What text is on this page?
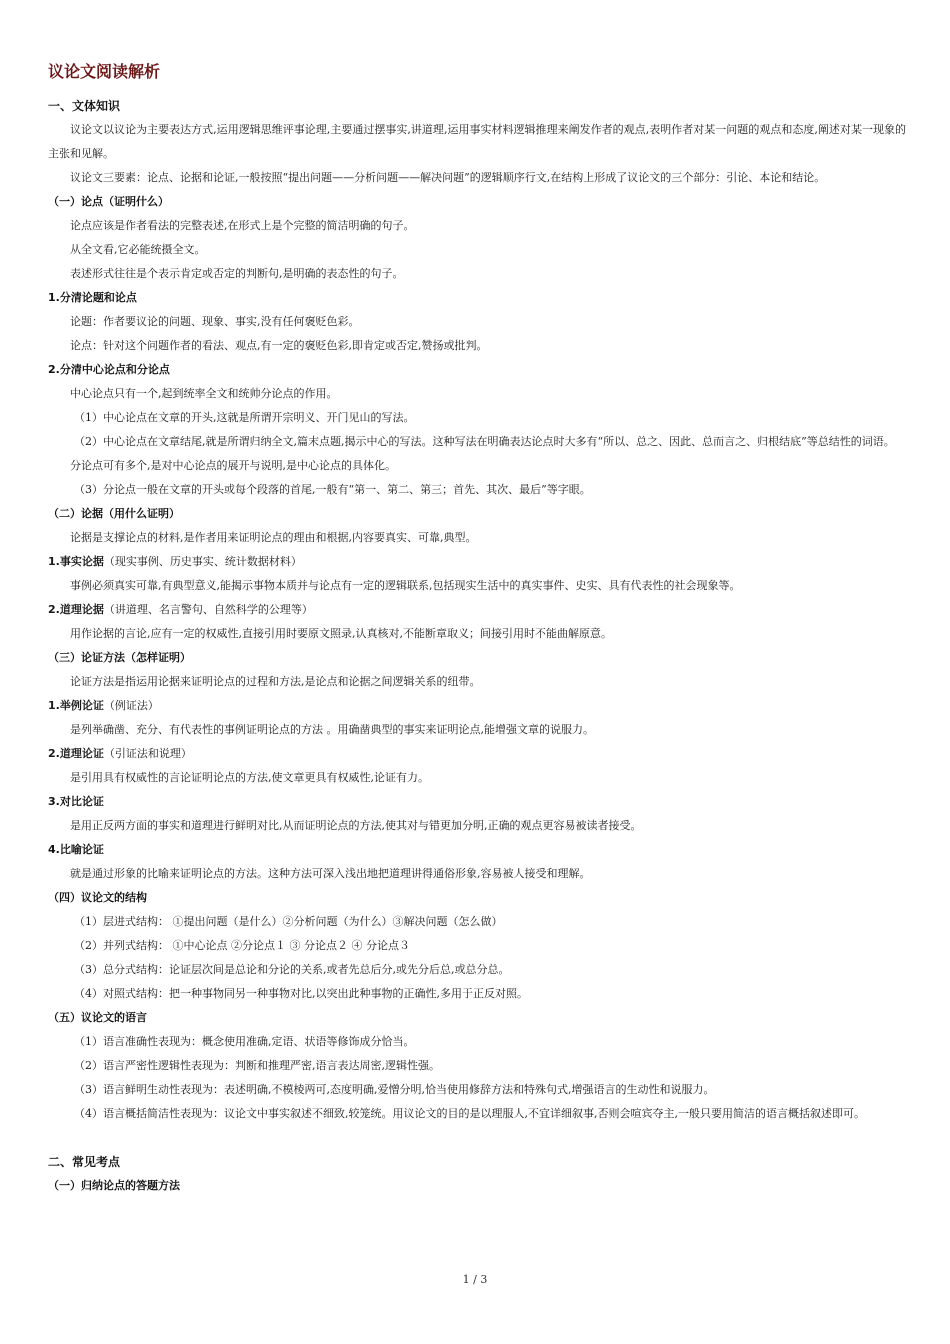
议论文阅读解析
一、文体知识
议论文以议论为主要表达方式,运用逻辑思维评事论理,主要通过摆事实,讲道理,运用事实材料逻辑推理来阐发作者的观点,表明作者对某一问题的观点和态度,阐述对某一现象的主张和见解。
议论文三要素：论点、论据和论证,一般按照“提出问题——分析问题——解决问题”的逻辑顺序行文,在结构上形成了议论文的三个部分：引论、本论和结论。
（一）论点（证明什么）
论点应该是作者看法的完整表述,在形式上是个完整的简洁明确的句子。
从全文看,它必能统摄全文。
表述形式往往是个表示肯定或否定的判断句,是明确的表态性的句子。
1.分清论题和论点
论题：作者要议论的问题、现象、事实,没有任何褒贬色彩。
论点：针对这个问题作者的看法、观点,有一定的褒贬色彩,即肯定或否定,赞扬或批判。
2.分清中心论点和分论点
中心论点只有一个,起到统率全文和统帅分论点的作用。
（1）中心论点在文章的开头,这就是所谓开宗明义、开门见山的写法。
（2）中心论点在文章结尾,就是所谓归纳全文,篇末点题,揭示中心的写法。这种写法在明确表达论点时大多有“所以、总之、因此、总而言之、归根结底”等总结性的词语。
分论点可有多个,是对中心论点的展开与说明,是中心论点的具体化。
（3）分论点一般在文章的开头或每个段落的首尾,一般有“第一、第二、第三；首先、其次、最后”等字眼。
（二）论据（用什么证明）
论据是支撑论点的材料,是作者用来证明论点的理由和根据,内容要真实、可靠,典型。
1.事实论据（现实事例、历史事实、统计数据材料）
事例必须真实可靠,有典型意义,能揭示事物本质并与论点有一定的逻辑联系,包括现实生活中的真实事件、史实、具有代表性的社会现象等。
2.道理论据（讲道理、名言警句、自然科学的公理等）
用作论据的言论,应有一定的权威性,直接引用时要原文照录,认真核对,不能断章取义；间接引用时不能曲解原意。
（三）论证方法（怎样证明）
论证方法是指运用论据来证明论点的过程和方法,是论点和论据之间逻辑关系的纽带。
1.举例论证（例证法）
是列举确凿、充分、有代表性的事例证明论点的方法 。用确凿典型的事实来证明论点,能增强文章的说服力。
2.道理论证（引证法和说理）
是引用具有权威性的言论证明论点的方法,使文章更具有权威性,论证有力。
3.对比论证
是用正反两方面的事实和道理进行鲜明对比,从而证明论点的方法,使其对与错更加分明,正确的观点更容易被读者接受。
4.比喻论证
就是通过形象的比喻来证明论点的方法。这种方法可深入浅出地把道理讲得通俗形象,容易被人接受和理解。
（四）议论文的结构
（1）层进式结构： ①提出问题（是什么）②分析问题（为什么）③解决问题（怎么做）
（2）并列式结构： ①中心论点 ②分论点１ ③ 分论点２ ④ 分论点３
（3）总分式结构：论证层次间是总论和分论的关系,或者先总后分,或先分后总,或总分总。
（4）对照式结构：把一种事物同另一种事物对比,以突出此种事物的正确性,多用于正反对照。
（五）议论文的语言
（1）语言准确性表现为：概念使用准确,定语、状语等修饰成分恰当。
（2）语言严密性逻辑性表现为：判断和推理严密,语言表达周密,逻辑性强。
（3）语言鲜明生动性表现为：表述明确,不模棱两可,态度明确,爱憎分明,恰当使用修辞方法和特殊句式,增强语言的生动性和说服力。
（4）语言概括简洁性表现为：议论文中事实叙述不细致,较笼统。用议论文的目的是以理服人,不宜详细叙事,否则会喧宾夺主,一般只要用简洁的语言概括叙述即可。
二、常见考点
（一）归纳论点的答题方法
1 / 3
